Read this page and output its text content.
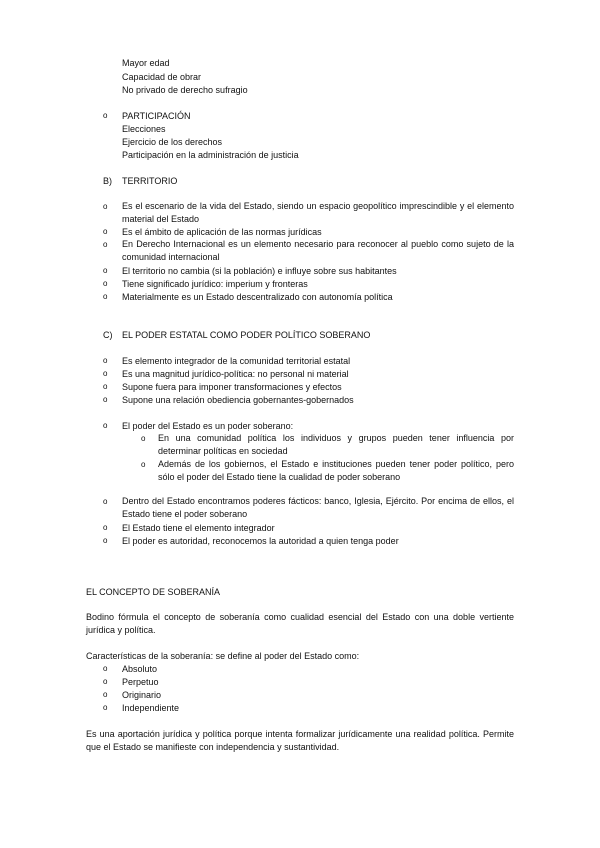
Mayor edad
Capacidad de obrar
No privado de derecho sufragio
o PARTICIPACIÓN
Elecciones
Ejercicio de los derechos
Participación en la administración de justicia
B) TERRITORIO
o Es el escenario de la vida del Estado, siendo un espacio geopolítico imprescindible y el elemento material del Estado
o Es el ámbito de aplicación de las normas jurídicas
o En Derecho Internacional es un elemento necesario para reconocer al pueblo como sujeto de la comunidad internacional
o El territorio no cambia (si la población) e influye sobre sus habitantes
o Tiene significado jurídico: imperium y fronteras
o Materialmente es un Estado descentralizado con autonomía política
C) EL PODER ESTATAL COMO PODER POLÍTICO SOBERANO
o Es elemento integrador de la comunidad territorial estatal
o Es una magnitud jurídico-política: no personal ni material
o Supone fuera para imponer transformaciones y efectos
o Supone una relación obediencia gobernantes-gobernados
o El poder del Estado es un poder soberano:
o En una comunidad política los individuos y grupos pueden tener influencia por determinar políticas en sociedad
o Además de los gobiernos, el Estado e instituciones pueden tener poder político, pero sólo el poder del Estado tiene la cualidad de poder soberano
o Dentro del Estado encontramos poderes fácticos: banco, Iglesia, Ejército. Por encima de ellos, el Estado tiene el poder soberano
o El Estado tiene el elemento integrador
o El poder es autoridad, reconocemos la autoridad a quien tenga poder
EL CONCEPTO DE SOBERANÍA
Bodino fórmula el concepto de soberanía como cualidad esencial del Estado con una doble vertiente jurídica y política.
Características de la soberanía: se define al poder del Estado como:
o Absoluto
o Perpetuo
o Originario
o Independiente
Es una aportación jurídica y política porque intenta formalizar jurídicamente una realidad política. Permite que el Estado se manifieste con independencia y sustantividad.
